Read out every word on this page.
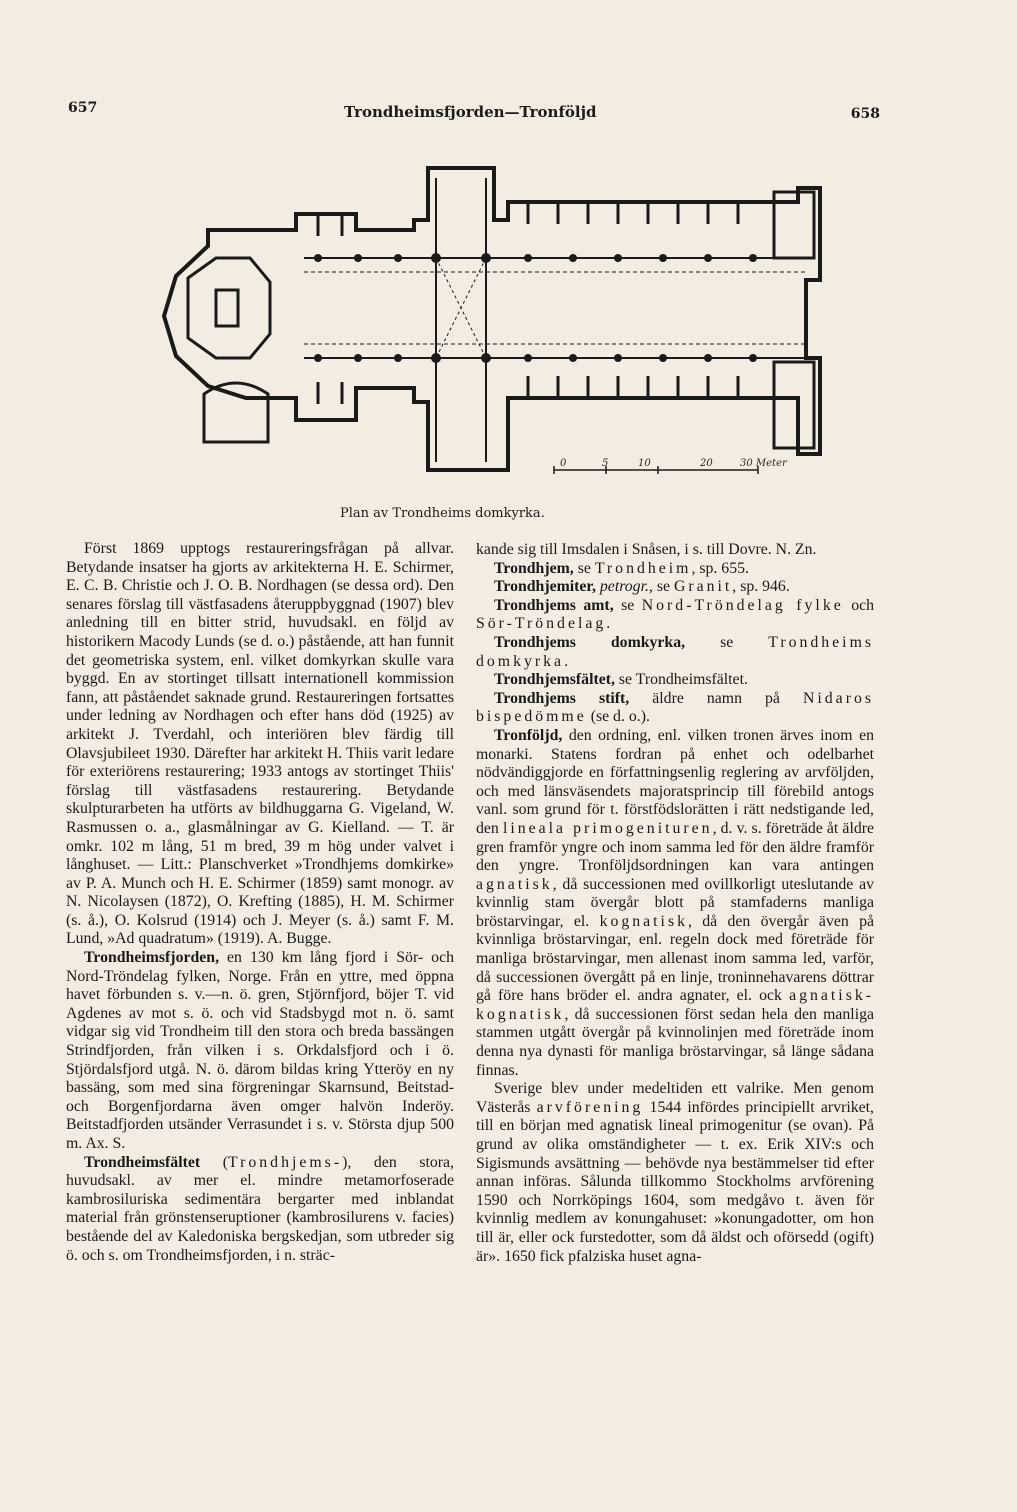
657	Trondheimsfjorden—Tronföljd	658
0	5	10	20	30 Meter
Plan av Trondheims domkyrka.

Först 1869 upptogs restaureringsfrågan på allvar. Betydande insatser ha gjorts av arkitekterna H. E. Schirmer, E. C. B. Christie och J. O. B. Nordhagen (se dessa ord). Den senares förslag till västfasadens återuppbyggnad (1907) blev anledning till en bitter strid, huvudsakl. en följd av historikern Macody Lunds (se d. o.) påstående, att han funnit det geometriska system, enl. vilket domkyrkan skulle vara byggd. En av stortinget tillsatt internationell kommission fann, att påståendet saknade grund. Restaureringen fortsattes under ledning av Nordhagen och efter hans död (1925) av arkitekt J. Tverdahl, och interiören blev färdig till Olavsjubileet 1930. Därefter har arkitekt H. Thiis varit ledare för exteriörens restaurering; 1933 antogs av stortinget Thiis' förslag till västfasadens restaurering. Betydande skulpturarbeten ha utförts av bildhuggarna G. Vigeland, W. Rasmussen o. a., glasmålningar av G. Kielland. — T. är omkr. 102 m lång, 51 m bred, 39 m hög under valvet i långhuset. — Litt.: Planschverket »Trondhjems domkirke» av P. A. Munch och H. E. Schirmer (1859) samt monogr. av N. Nicolaysen (1872), O. Krefting (1885), H. M. Schirmer (s. å.), O. Kolsrud (1914) och J. Meyer (s. å.) samt F. M. Lund, »Ad quadratum» (1919). A. Bugge.

Trondheimsfjorden, en 130 km lång fjord i Sör- och Nord-Tröndelag fylken, Norge. Från en yttre, med öppna havet förbunden s. v.—n. ö. gren, Stjörnfjord, böjer T. vid Agdenes av mot s. ö. och vid Stadsbygd mot n. ö. samt vidgar sig vid Trondheim till den stora och breda bassängen Strindfjorden, från vilken i s. Orkdalsfjord och i ö. Stjördalsfjord utgå. N. ö. därom bildas kring Ytteröy en ny bassäng, som med sina förgreningar Skarnsund, Beitstad- och Borgenfjordarna även omger halvön Inderöy. Beitstadfjorden utsänder Verrasundet i s. v. Största djup 500 m. Ax. S.

Trondheimsfältet (Trondhjems-), den stora, huvudsakl. av mer el. mindre metamorfoserade kambrosiluriska sedimentära bergarter med inblandat material från grönstenseruptioner (kambrosilurens v. facies) bestående del av Kaledoniska bergskedjan, som utbreder sig ö. och s. om Trondheimsfjorden, i n. sträc-

kande sig till Imsdalen i Snåsen, i s. till Dovre. N. Zn.

Trondhjem, se Trondheim, sp. 655.

Trondhjemiter, petrogr., se Granit, sp. 946.

Trondhjems amt, se Nord-Tröndelag fylke och Sör-Tröndelag.

Trondhjems domkyrka, se Trondheims domkyrka.

Trondhjemsfältet, se Trondheimsfältet.

Trondhjems stift, äldre namn på Nidaros bispedömme (se d. o.).

Tronföljd, den ordning, enl. vilken tronen ärves inom en monarki. Statens fordran på enhet och odelbarhet nödvändiggjorde en författningsenlig reglering av arvföljden, och med länsväsendets majoratsprincip till förebild antogs vanl. som grund för t. förstfödslorätten i rätt nedstigande led, den lineala primogenituren, d. v. s. företräde åt äldre gren framför yngre och inom samma led för den äldre framför den yngre. Tronföljdsordningen kan vara antingen agnatisk, då successionen med ovillkorligt uteslutande av kvinnlig stam övergår blott på stamfaderns manliga bröstarvingar, el. kognatisk, då den övergår även på kvinnliga bröstarvingar, enl. regeln dock med företräde för manliga bröstarvingar, men allenast inom samma led, varför, då successionen övergått på en linje, troninnehavarens döttrar gå före hans bröder el. andra agnater, el. ock agnatisk-kognatisk, då successionen först sedan hela den manliga stammen utgått övergår på kvinnolinjen med företräde inom denna nya dynasti för manliga bröstarvingar, så länge sådana finnas.

Sverige blev under medeltiden ett valrike. Men genom Västerås arvförening 1544 infördes principiellt arvriket, till en början med agnatisk lineal primogenitur (se ovan). På grund av olika omständigheter — t. ex. Erik XIV:s och Sigismunds avsättning — behövde nya bestämmelser tid efter annan införas. Sålunda tillkommo Stockholms arvförening 1590 och Norrköpings 1604, som medgåvo t. även för kvinnlig medlem av konungahuset: »konungadotter, om hon till är, eller ock furstedotter, som då äldst och oförsedd (ogift) är». 1650 fick pfalziska huset agna-
